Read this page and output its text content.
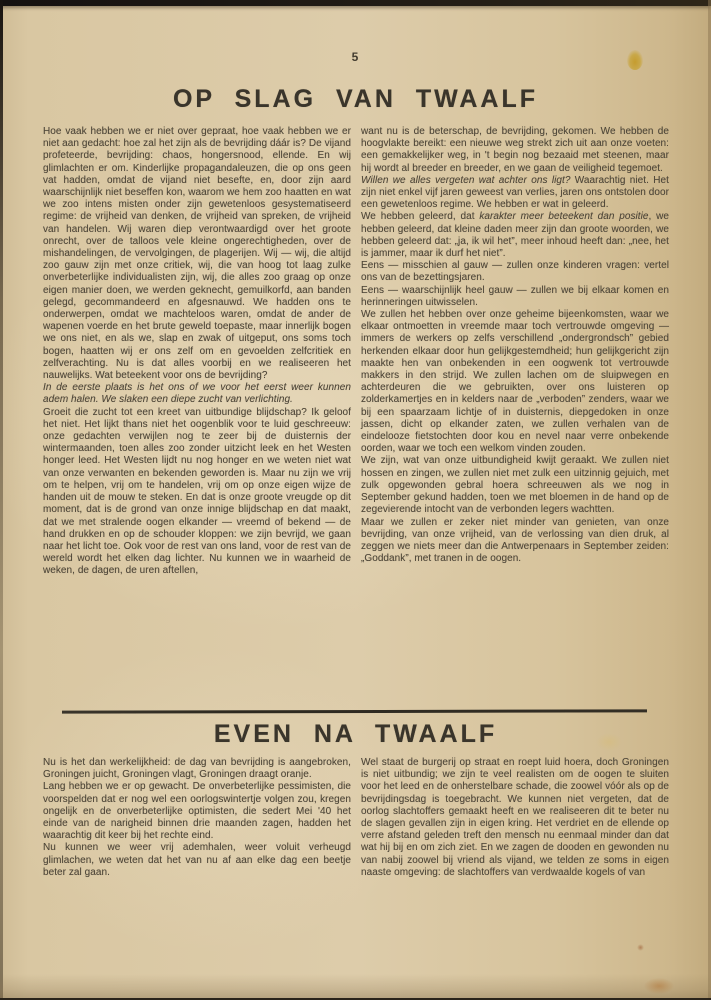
5
OP SLAG VAN TWAALF

Hoe vaak hebben we er niet over gepraat, hoe vaak hebben we er niet aan gedacht: hoe zal het zijn als de bevrijding dáár is? De vijand profeteerde, bevrijding: chaos, hongersnood, ellende. En wij glimlachten er om. Kinderlijke propagandaleuzen, die op ons geen vat hadden, omdat de vijand niet besefte, en, door zijn aard waarschijnlijk niet beseffen kon, waarom we hem zoo haatten en wat we zoo intens misten onder zijn gewetenloos gesystematiseerd regime: de vrijheid van denken, de vrijheid van spreken, de vrijheid van handelen. Wij waren diep verontwaardigd over het groote onrecht, over de talloos vele kleine ongerechtigheden, over de mishandelingen, de vervolgingen, de plagerijen. Wij — wij, die altijd zoo gauw zijn met onze critiek, wij, die van hoog tot laag zulke onverbeterlijke individualisten zijn, wij, die alles zoo graag op onze eigen manier doen, we werden geknecht, gemuilkorfd, aan banden gelegd, gecommandeerd en afgesnauwd. We hadden ons te onderwerpen, omdat we machteloos waren, omdat de ander de wapenen voerde en het brute geweld toepaste, maar innerlijk bogen we ons niet, en als we, slap en zwak of uitgeput, ons soms toch bogen, haatten wij er ons zelf om en gevoelden zelfcritiek en zelfverachting. Nu is dat alles voorbij en we realiseeren het nauwelijks. Wat beteekent voor ons de bevrijding?

In de eerste plaats is het ons of we voor het eerst weer kunnen adem halen. We slaken een diepe zucht van verlichting.

Groeit die zucht tot een kreet van uitbundige blijdschap? Ik geloof het niet. Het lijkt thans niet het oogenblik voor te luid geschreeuw: onze gedachten verwijlen nog te zeer bij de duisternis der wintermaanden, toen alles zoo zonder uitzicht leek en het Westen honger leed. Het Westen lijdt nu nog honger en we weten niet wat van onze verwanten en bekenden geworden is. Maar nu zijn we vrij om te helpen, vrij om te handelen, vrij om op onze eigen wijze de handen uit de mouw te steken. En dat is onze groote vreugde op dit moment, dat is de grond van onze innige blijdschap en dat maakt, dat we met stralende oogen elkander — vreemd of bekend — de hand drukken en op de schouder kloppen: we zijn bevrijd, we gaan naar het licht toe. Ook voor de rest van ons land, voor de rest van de wereld wordt het elken dag lichter. Nu kunnen we in waarheid de weken, de dagen, de uren aftellen,

want nu is de beterschap, de bevrijding, gekomen. We hebben de hoogvlakte bereikt: een nieuwe weg strekt zich uit aan onze voeten: een gemakkelijker weg, in 't begin nog bezaaid met steenen, maar hij wordt al breeder en breeder, en we gaan de veiligheid tegemoet.

Willen we alles vergeten wat achter ons ligt? Waarachtig niet. Het zijn niet enkel vijf jaren geweest van verlies, jaren ons ontstolen door een gewetenloos regime. We hebben er wat in geleerd.

We hebben geleerd, dat karakter meer beteekent dan positie, we hebben geleerd, dat kleine daden meer zijn dan groote woorden, we hebben geleerd dat: „ja, ik wil het”, meer inhoud heeft dan: „nee, het is jammer, maar ik durf het niet”.

Eens — misschien al gauw — zullen onze kinderen vragen: vertel ons van de bezettingsjaren.

Eens — waarschijnlijk heel gauw — zullen we bij elkaar komen en herinneringen uitwisselen.

We zullen het hebben over onze geheime bijeenkomsten, waar we elkaar ontmoetten in vreemde maar toch vertrouwde omgeving — immers de werkers op zelfs verschillend „ondergrondsch” gebied herkenden elkaar door hun gelijkgestemdheid; hun gelijkgericht zijn maakte hen van onbekenden in een oogwenk tot vertrouwde makkers in den strijd. We zullen lachen om de sluipwegen en achterdeuren die we gebruikten, over ons luisteren op zolderkamertjes en in kelders naar de „verboden” zenders, waar we bij een spaarzaam lichtje of in duisternis, diepgedoken in onze jassen, dicht op elkander zaten, we zullen verhalen van de eindelooze fietstochten door kou en nevel naar verre onbekende oorden, waar we toch een welkom vinden zouden.

We zijn, wat van onze uitbundigheid kwijt geraakt. We zullen niet hossen en zingen, we zullen niet met zulk een uitzinnig gejuich, met zulk opgewonden gebral hoera schreeuwen als we nog in September gekund hadden, toen we met bloemen in de hand op de zegevierende intocht van de verbonden legers wachtten.

Maar we zullen er zeker niet minder van genieten, van onze bevrijding, van onze vrijheid, van de verlossing van dien druk, al zeggen we niets meer dan die Antwerpenaars in September zeiden: „Goddank”, met tranen in de oogen.

EVEN NA TWAALF

Nu is het dan werkelijkheid: de dag van bevrijding is aangebroken, Groningen juicht, Groningen vlagt, Groningen draagt oranje.

Lang hebben we er op gewacht. De onverbeterlijke pessimisten, die voorspelden dat er nog wel een oorlogswintertje volgen zou, kregen ongelijk en de onverbeterlijke optimisten, die sedert Mei '40 het einde van de narigheid binnen drie maanden zagen, hadden het waarachtig dit keer bij het rechte eind.

Nu kunnen we weer vrij ademhalen, weer voluit verheugd glimlachen, we weten dat het van nu af aan elke dag een beetje beter zal gaan.

Wel staat de burgerij op straat en roept luid hoera, doch Groningen is niet uitbundig; we zijn te veel realisten om de oogen te sluiten voor het leed en de onherstelbare schade, die zoowel vóór als op de bevrijdingsdag is toegebracht. We kunnen niet vergeten, dat de oorlog slachtoffers gemaakt heeft en we realiseeren dit te beter nu de slagen gevallen zijn in eigen kring. Het verdriet en de ellende op verre afstand geleden treft den mensch nu eenmaal minder dan dat wat hij bij en om zich ziet. En we zagen de dooden en gewonden nu van nabij zoowel bij vriend als vijand, we telden ze soms in eigen naaste omgeving: de slachtoffers van verdwaalde kogels of van
